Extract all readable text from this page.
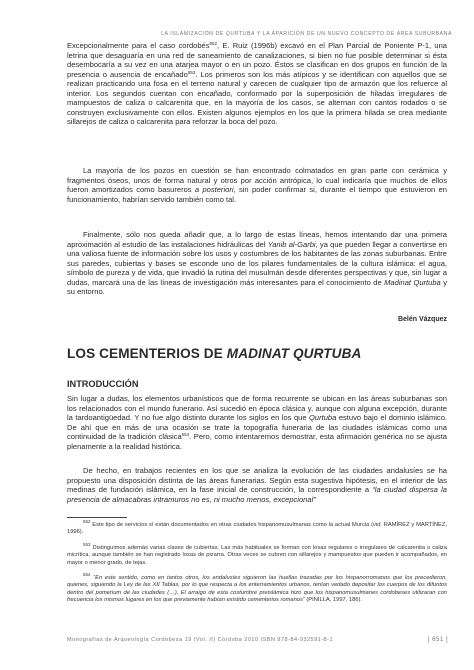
LA ISLAMIZACIÓN DE QURTUBA Y LA APARICIÓN DE UN NUEVO CONCEPTO DE ÁREA SUBURBANA

Excepcionalmente para el caso cordobés$^{552}$, E. Ruiz (1996b) excavó en el Plan Parcial de Poniente P-1, una letrina que desaguaría en una red de saneamiento de canalizaciones, si bien no fue posible determinar si ésta desembocaría a su vez en una atarjea mayor o en un pozo. Éstos se clasifican en dos grupos en función de la presencia o ausencia de encañado$^{553}$. Los primeros son los más atípicos y se identifican con aquellos que se realizan practicando una fosa en el terreno natural y carecen de cualquier tipo de armazón que los refuerce al interior. Los segundos cuentan con encañado, conformado por la superposición de hiladas irregulares de mampuestos de caliza o calcarenita que, en la mayoría de los casos, se alternan con cantos rodados o se construyen exclusivamente con ellos. Existen algunos ejemplos en los que la primera hilada se crea mediante sillarejos de caliza o calcarenita para reforzar la boca del pozo.

La mayoría de los pozos en cuestión se han encontrado colmatados en gran parte con cerámica y fragmentos óseos, unos de forma natural y otros por acción antrópica, lo cual indicaría que muchos de ellos fueron amortizados como basureros a posteriori, sin poder confirmar si, durante el tiempo que estuvieron en funcionamiento, habrían servido también como tal.

Finalmente, sólo nos queda añadir que, a lo largo de estas líneas, hemos intentando dar una primera aproximación al estudio de las instalaciones hidráulicas del Yanib al-Garbi, ya que pueden llegar a convertirse en una valiosa fuente de información sobre los usos y costumbres de los habitantes de las zonas suburbanas. Entre sus paredes, cubiertas y bases se esconde uno de los pilares fundamentales de la cultura islámica: el agua, símbolo de pureza y de vida, que invadió la rutina del musulmán desde diferentes perspectivas y que, sin lugar a dudas, marcará una de las líneas de investigación más interesantes para el conocimiento de Madinat Qurtuba y su entorno.

Belén Vázquez
LOS CEMENTERIOS DE MADINAT QURTUBA
INTRODUCCIÓN

Sin lugar a dudas, los elementos urbanísticos que de forma recurrente se ubican en las áreas suburbanas son los relacionados con el mundo funerario. Así sucedió en época clásica y, aunque con alguna excepción, durante la tardoantigüedad. Y no fue algo distinto durante los siglos en los que Qurtuba estuvo bajo el dominio islámico. De ahí que en más de una ocasión se trate la topografía funeraria de las ciudades islámicas como una continuidad de la tradición clásica$^{554}$. Pero, como intentaremos demostrar, esta afirmación genérica no se ajusta plenamente a la realidad histórica.

De hecho, en trabajos recientes en los que se analiza la evolución de las ciudades andalusíes se ha propuesto una disposición distinta de las áreas funerarias. Según esta sugestiva hipótesis, en el interior de las medinas de fundación islámica, en la fase inicial de construcción, la correspondiente a “la ciudad dispersa la presencia de almacabras intramuros no es, ni mucho menos, excepcional”

$^{552}$ Este tipo de servicios sí están documentados en otras ciudades hispanomusulmanas como la actual Murcia (vid. RAMÍREZ y MARTÍNEZ, 1996).

$^{553}$ Distinguimos además varias clases de cubiertas. Las más habituales se forman con losas regulares o irregulares de calcarenita o caliza micrítica, aunque también se han registrado losas de pizarra. Otras veces se cubren con sillarejos y mampuestos que pueden ir acompañados, en mayor o menor grado, de tejas.

$^{554}$ “En este sentido, como en tantos otros, los andalusíes siguieron las huellas trazadas por los hispanorromanos que los precedieron, quienes, siguiendo la Ley de las XII Tablas, por lo que respecta a los enterramientos urbanos, tenían vedado depositar los cuerpos de los difuntos dentro del pomerium de las ciudades (…). El arraigo de esta costumbre preislámica hizo que los hispanomusulmanes cordobeses utilizaran con frecuencia los mismos lugares en los que previamente habían existido cementerios romanos” (PINILLA, 1997, 186).

Monografías de Arqueología Cordobesa 19 (Vol. II) Córdoba 2010 ISBN 978-84-932591-8-1	[ 651 ]
